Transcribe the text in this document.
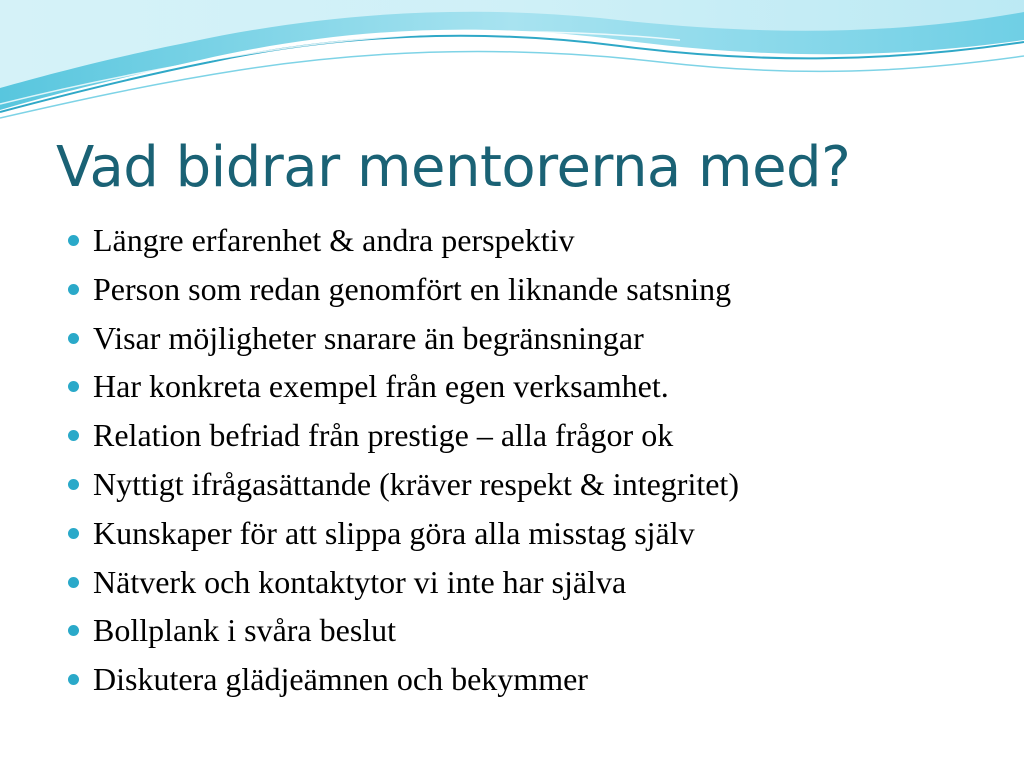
Vad bidrar mentorerna med?
Längre erfarenhet & andra perspektiv
Person som redan genomfört en liknande satsning
Visar möjligheter snarare än begränsningar
Har konkreta exempel från egen verksamhet.
Relation befriad från prestige – alla frågor ok
Nyttigt ifrågasättande (kräver respekt & integritet)
Kunskaper för att slippa göra alla misstag själv
Nätverk och kontaktytor vi inte har själva
Bollplank i svåra beslut
Diskutera glädjeämnen och bekymmer
